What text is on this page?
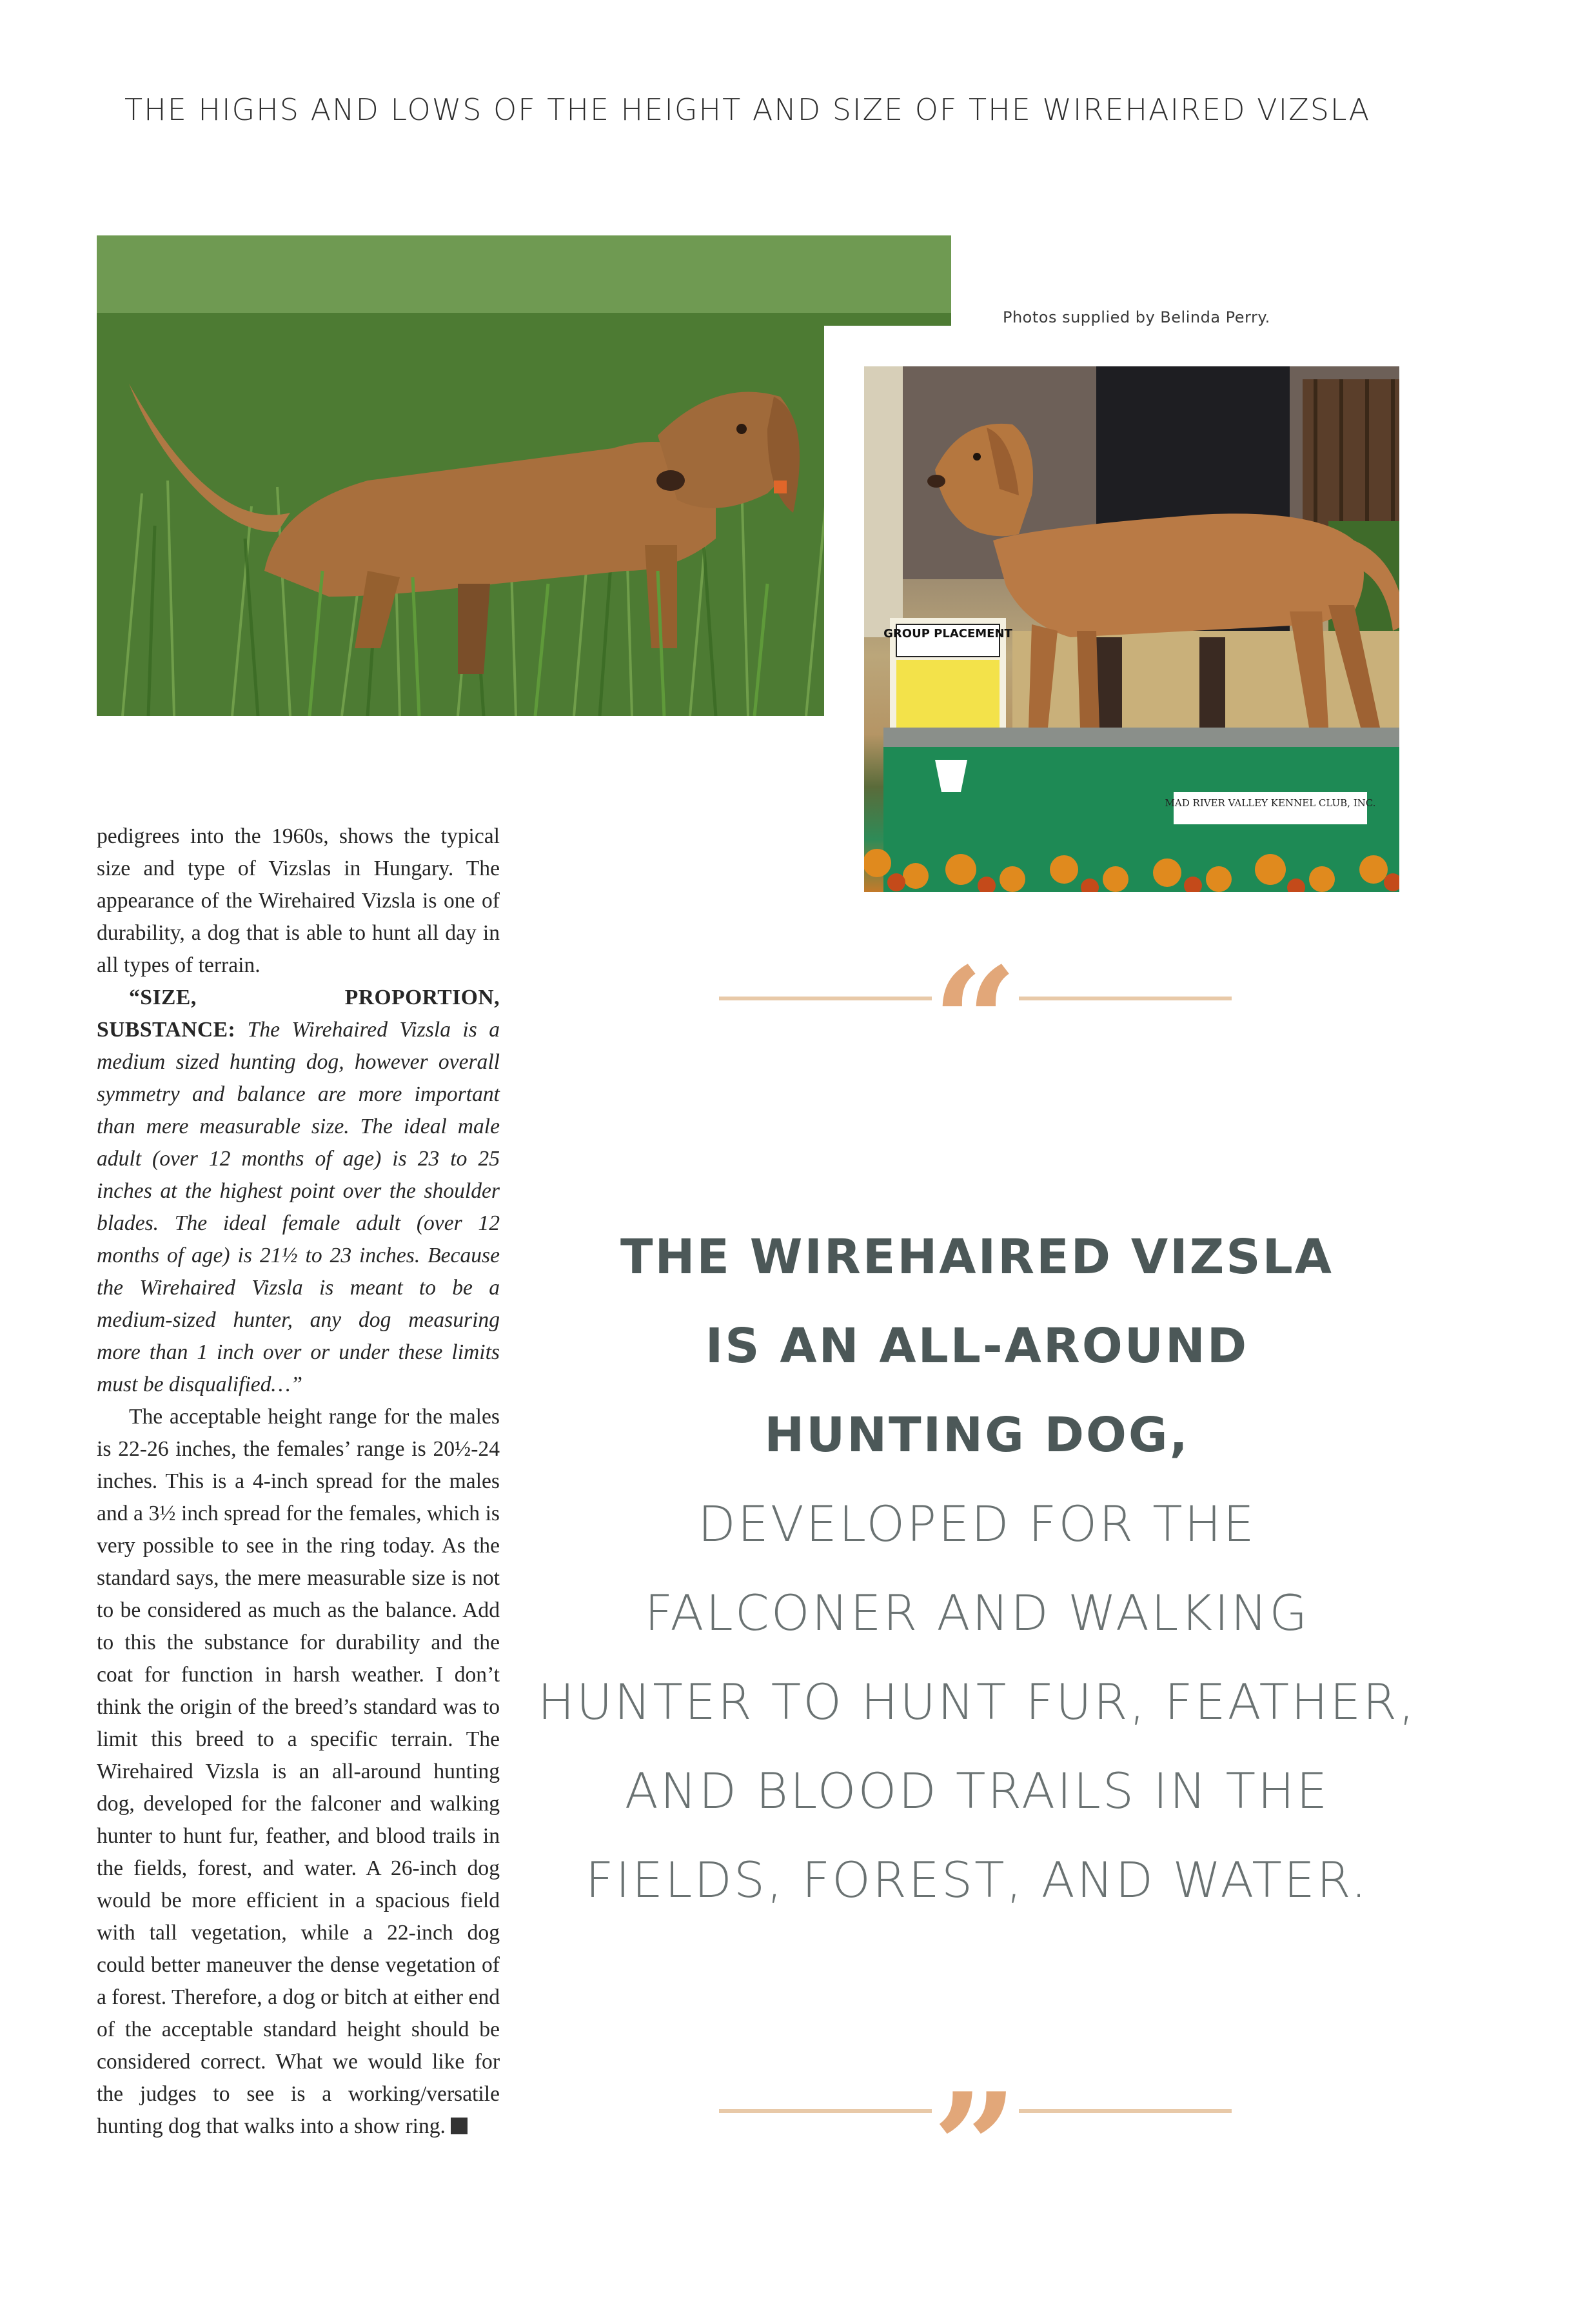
THE HIGHS AND LOWS OF THE HEIGHT AND SIZE OF THE WIREHAIRED VIZSLA
GROUP PLACEMENT
MAD RIVER VALLEY KENNEL CLUB, INC.
Photos supplied by Belinda Perry.

pedigrees into the 1960s, shows the typical size and type of Vizslas in Hungary. The appearance of the Wirehaired Vizsla is one of durability, a dog that is able to hunt all day in all types of terrain.

“SIZE, PROPORTION, SUBSTANCE: The Wirehaired Vizsla is a medium sized hunting dog, however overall symmetry and balance are more important than mere measurable size. The ideal male adult (over 12 months of age) is 23 to 25 inches at the highest point over the shoulder blades. The ideal female adult (over 12 months of age) is 21½ to 23 inches. Because the Wirehaired Vizsla is meant to be a medium-sized hunter, any dog measuring more than 1 inch over or under these limits must be disqualified…”

The acceptable height range for the males is 22-26 inches, the females’ range is 20½-24 inches. This is a 4-inch spread for the males and a 3½ inch spread for the females, which is very possible to see in the ring today. As the standard says, the mere measurable size is not to be considered as much as the balance. Add to this the substance for durability and the coat for function in harsh weather. I don’t think the origin of the breed’s standard was to limit this breed to a specific terrain. The Wirehaired Vizsla is an all-around hunting dog, developed for the falconer and walking hunter to hunt fur, feather, and blood trails in the fields, forest, and water. A 26-inch dog would be more efficient in a spacious field with tall vegetation, while a 22-inch dog could better maneuver the dense vegetation of a forest. Therefore, a dog or bitch at either end of the acceptable standard height should be considered correct. What we would like for the judges to see is a working/versatile hunting dog that walks into a show ring.

“
THE WIREHAIRED VIZSLA
IS AN ALL-AROUND
HUNTING DOG,
DEVELOPED FOR THE
FALCONER AND WALKING
HUNTER TO HUNT FUR, FEATHER,
AND BLOOD TRAILS IN THE
FIELDS, FOREST, AND WATER.
”
